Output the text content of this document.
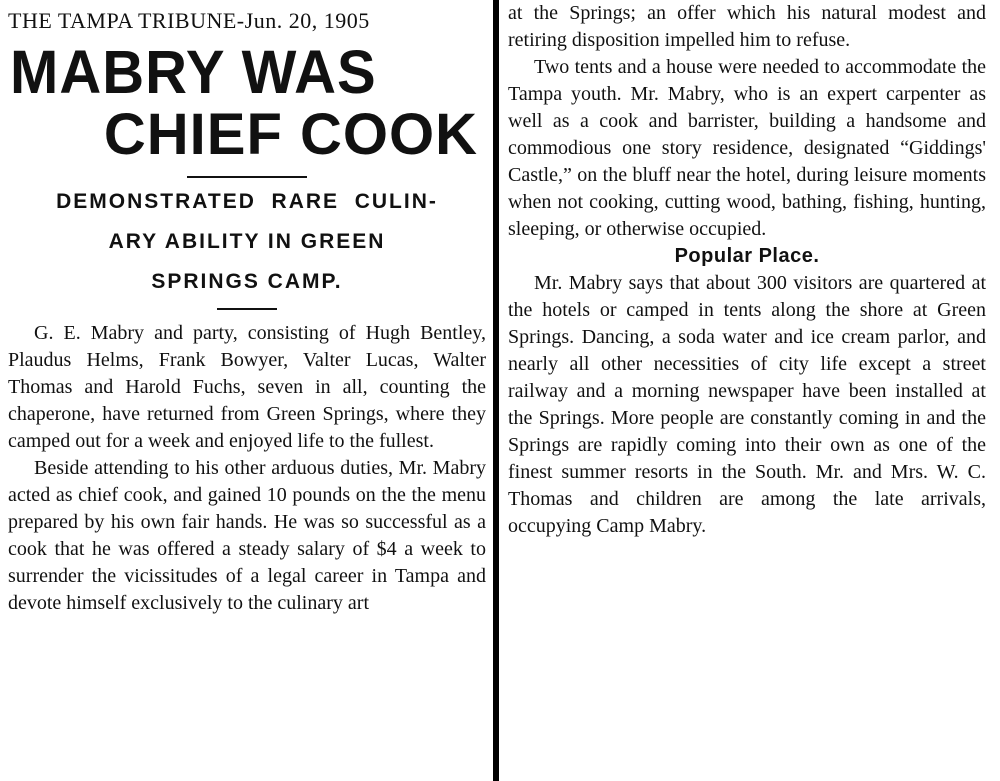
THE TAMPA TRIBUNE-Jun. 20, 1905
MABRY WAS
CHIEF COOK
DEMONSTRATED  RARE  CULIN-
ARY ABILITY IN GREEN
SPRINGS CAMP.

G. E. Mabry and party, consisting of Hugh Bentley, Plaudus Helms, Frank Bowyer, Valter Lucas, Walter Thomas and Harold Fuchs, seven in all, counting the chaperone, have returned from Green Springs, where they camped out for a week and enjoyed life to the fullest.

Beside attending to his other arduous duties, Mr. Mabry acted as chief cook, and gained 10 pounds on the the menu prepared by his own fair hands. He was so successful as a cook that he was offered a steady salary of $4 a week to surrender the vicissitudes of a legal career in Tampa and devote himself exclusively to the culinary art

at the Springs; an offer which his natural modest and retiring disposition impelled him to refuse.

Two tents and a house were needed to accommodate the Tampa youth. Mr. Mabry, who is an expert carpenter as well as a cook and barrister, building a handsome and commodious one story residence, designated “Giddings' Castle,” on the bluff near the hotel, during leisure moments when not cooking, cutting wood, bathing, fishing, hunting, sleeping, or otherwise occupied.

Popular Place.

Mr. Mabry says that about 300 visitors are quartered at the hotels or camped in tents along the shore at Green Springs. Dancing, a soda water and ice cream parlor, and nearly all other necessities of city life except a street railway and a morning newspaper have been installed at the Springs. More people are constantly coming in and the Springs are rapidly coming into their own as one of the finest summer resorts in the South. Mr. and Mrs. W. C. Thomas and children are among the late arrivals, occupying Camp Mabry.
